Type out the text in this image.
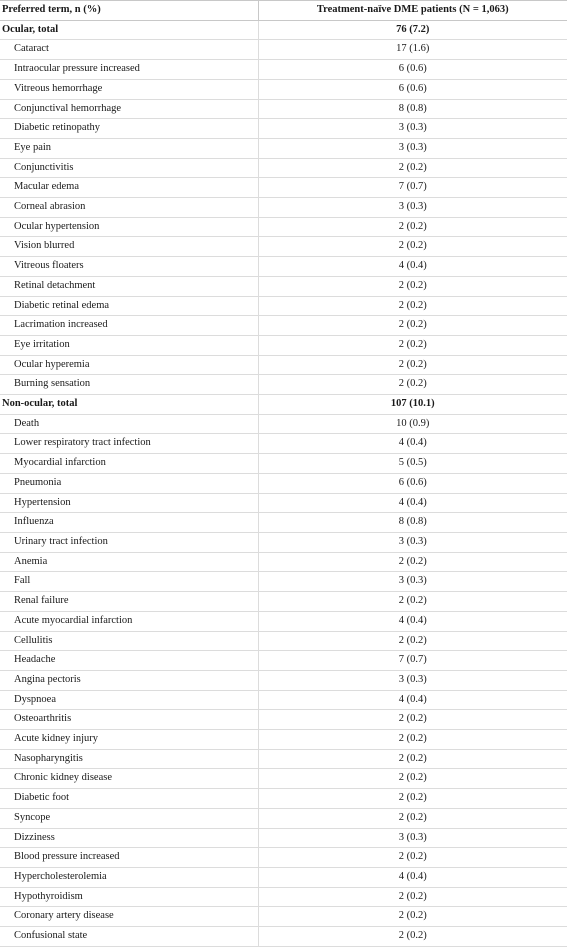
Preferred term, n (%)	Treatment-naïve DME patients (N = 1,063)
Ocular, total	76 (7.2)
Cataract	17 (1.6)
Intraocular pressure increased	6 (0.6)
Vitreous hemorrhage	6 (0.6)
Conjunctival hemorrhage	8 (0.8)
Diabetic retinopathy	3 (0.3)
Eye pain	3 (0.3)
Conjunctivitis	2 (0.2)
Macular edema	7 (0.7)
Corneal abrasion	3 (0.3)
Ocular hypertension	2 (0.2)
Vision blurred	2 (0.2)
Vitreous floaters	4 (0.4)
Retinal detachment	2 (0.2)
Diabetic retinal edema	2 (0.2)
Lacrimation increased	2 (0.2)
Eye irritation	2 (0.2)
Ocular hyperemia	2 (0.2)
Burning sensation	2 (0.2)
Non-ocular, total	107 (10.1)
Death	10 (0.9)
Lower respiratory tract infection	4 (0.4)
Myocardial infarction	5 (0.5)
Pneumonia	6 (0.6)
Hypertension	4 (0.4)
Influenza	8 (0.8)
Urinary tract infection	3 (0.3)
Anemia	2 (0.2)
Fall	3 (0.3)
Renal failure	2 (0.2)
Acute myocardial infarction	4 (0.4)
Cellulitis	2 (0.2)
Headache	7 (0.7)
Angina pectoris	3 (0.3)
Dyspnoea	4 (0.4)
Osteoarthritis	2 (0.2)
Acute kidney injury	2 (0.2)
Nasopharyngitis	2 (0.2)
Chronic kidney disease	2 (0.2)
Diabetic foot	2 (0.2)
Syncope	2 (0.2)
Dizziness	3 (0.3)
Blood pressure increased	2 (0.2)
Hypercholesterolemia	4 (0.4)
Hypothyroidism	2 (0.2)
Coronary artery disease	2 (0.2)
Confusional state	2 (0.2)
